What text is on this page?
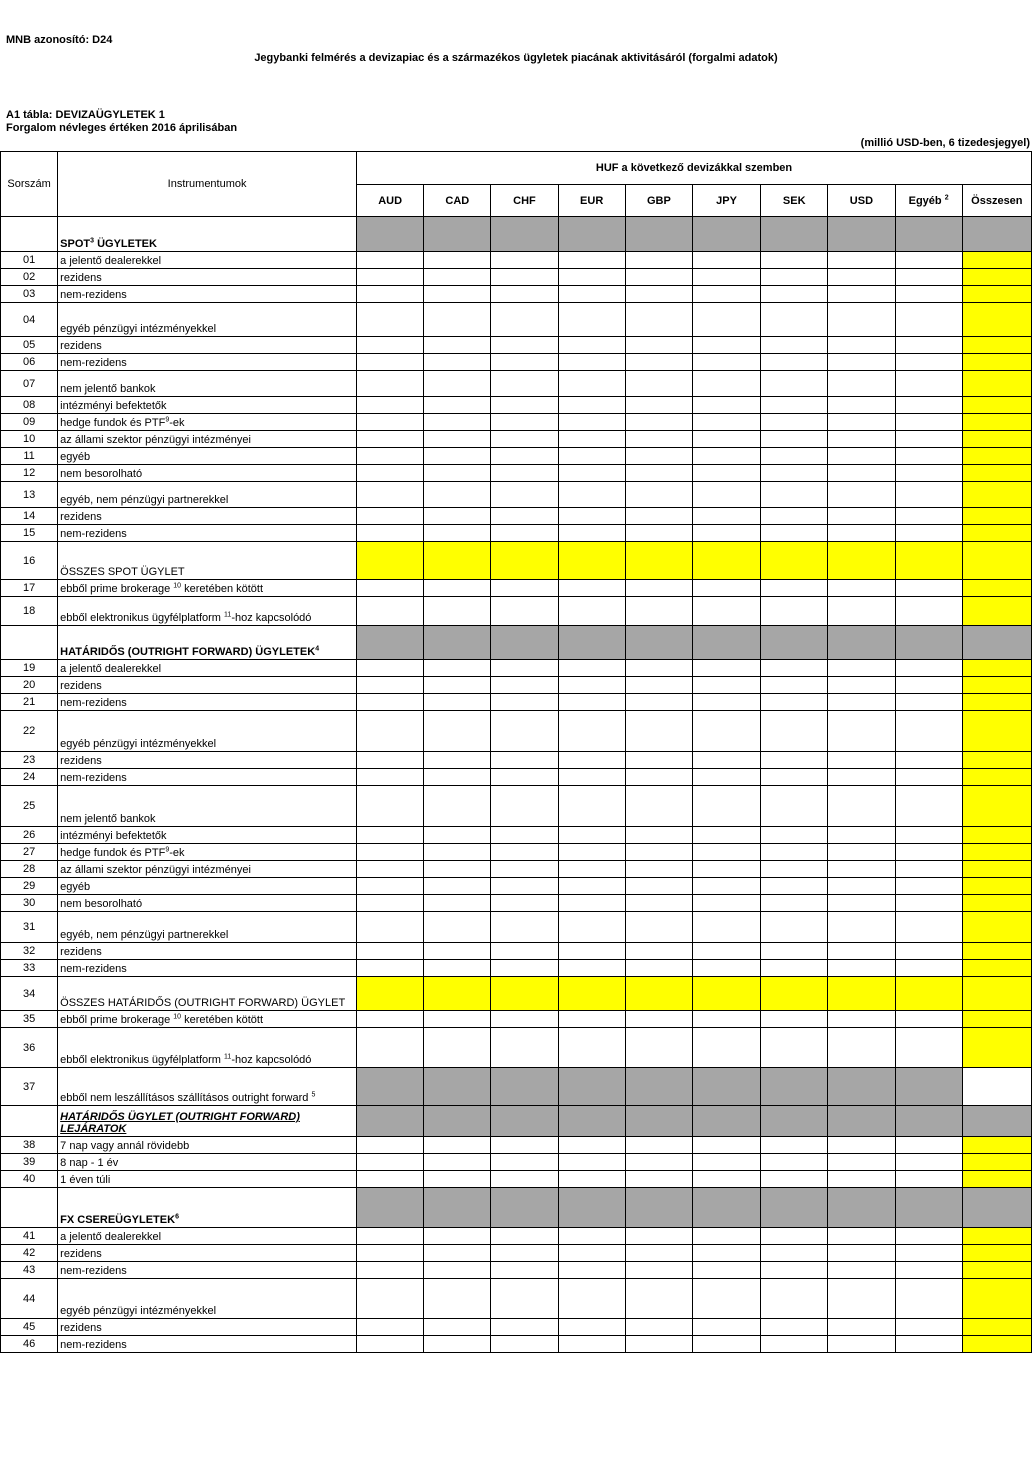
MNB azonosító: D24
Jegybanki felmérés a devizapiac és a származékos ügyletek piacának aktivitásáról (forgalmi adatok)
A1 tábla: DEVIZAÜGYLETEK 1
Forgalom névleges értéken 2016 áprilisában
(millió USD-ben, 6 tizedesjegyel)
Sorszám	Instrumentumok	HUF a következő devizákkal szemben									
		AUD	CAD	CHF	EUR	GBP	JPY	SEK	USD	Egyéb $^2$	Összesen
	SPOT$^3$ ÜGYLETEK										
01	a jelentő dealerekkel										
02	rezidens										
03	nem-rezidens										
04	egyéb pénzügyi intézményekkel										
05	rezidens										
06	nem-rezidens										
07	nem jelentő bankok										
08	intézményi befektetők										
09	hedge fundok és PTF$^9$-ek										
10	az állami szektor pénzügyi intézményei										
11	egyéb										
12	nem besorolható										
13	egyéb, nem pénzügyi partnerekkel										
14	rezidens										
15	nem-rezidens										
16	ÖSSZES SPOT ÜGYLET										
17	ebből prime brokerage $^{10}$ keretében kötött										
18	ebből elektronikus ügyfélplatform $^{11}$-hoz kapcsolódó										
	HATÁRIDŐS (OUTRIGHT FORWARD) ÜGYLETEK$^4$										
19	a jelentő dealerekkel										
20	rezidens										
21	nem-rezidens										
22	egyéb pénzügyi intézményekkel										
23	rezidens										
24	nem-rezidens										
25	nem jelentő bankok										
26	intézményi befektetők										
27	hedge fundok és PTF$^9$-ek										
28	az állami szektor pénzügyi intézményei										
29	egyéb										
30	nem besorolható										
31	egyéb, nem pénzügyi partnerekkel										
32	rezidens										
33	nem-rezidens										
34	ÖSSZES HATÁRIDŐS (OUTRIGHT FORWARD) ÜGYLET										
35	ebből prime brokerage $^{10}$ keretében kötött										
36	ebből elektronikus ügyfélplatform $^{11}$-hoz kapcsolódó										
37	ebből nem leszállításos szállításos outright forward $^5$										
	HATÁRIDŐS ÜGYLET (OUTRIGHT FORWARD) LEJÁRATOK										
38	7 nap vagy annál rövidebb										
39	8 nap - 1 év										
40	1 éven túli										
	FX CSEREÜGYLETEK$^6$										
41	a jelentő dealerekkel										
42	rezidens										
43	nem-rezidens										
44	egyéb pénzügyi intézményekkel										
45	rezidens										
46	nem-rezidens										
